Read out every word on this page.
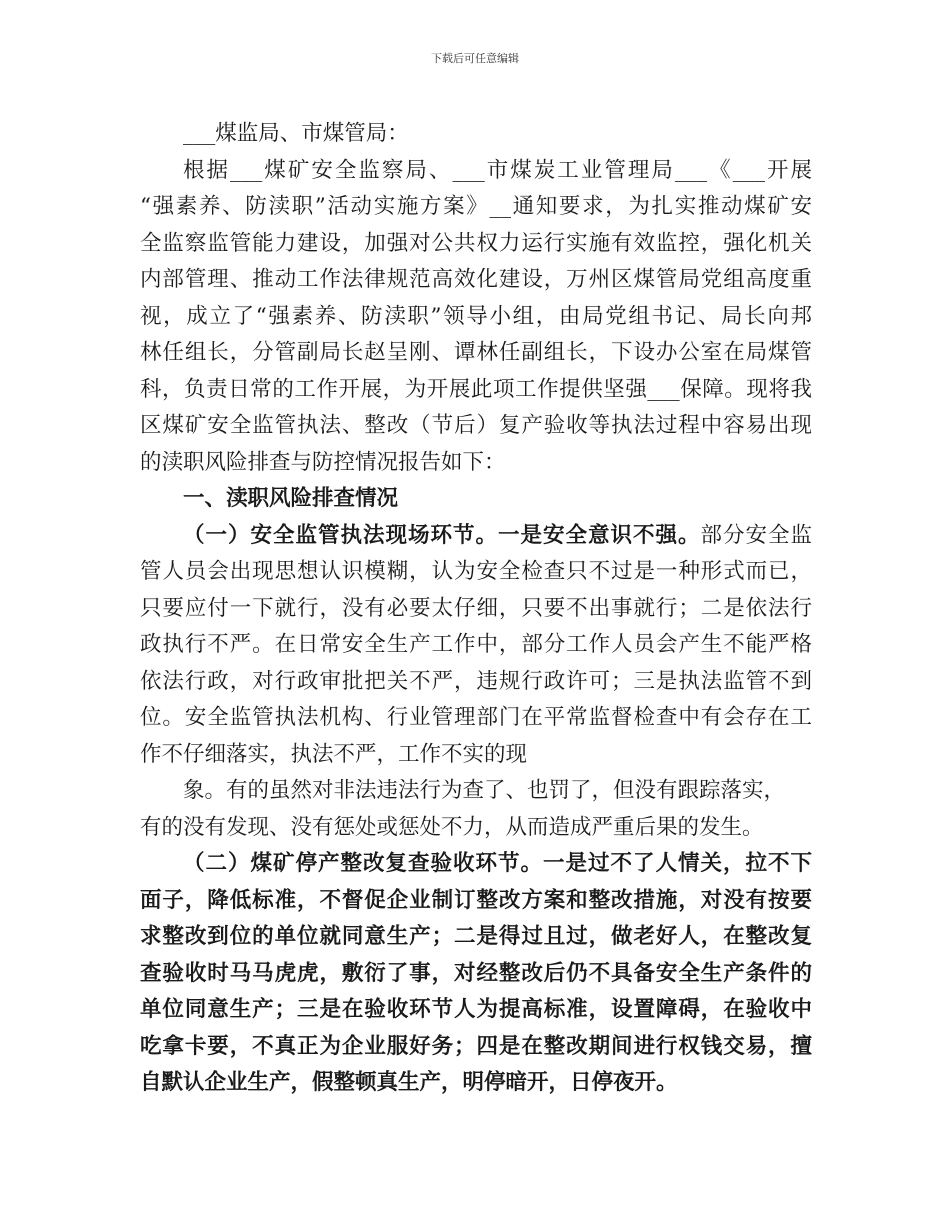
下载后可任意编辑
___煤监局、市煤管局：
根据___煤矿安全监察局、___市煤炭工业管理局___《___开展
“强素养、防渎职”活动实施方案》__通知要求，为扎实推动煤矿安
全监察监管能力建设，加强对公共权力运行实施有效监控，强化机关
内部管理、推动工作法律规范高效化建设，万州区煤管局党组高度重
视，成立了“强素养、防渎职”领导小组，由局党组书记、局长向邦
林任组长，分管副局长赵呈刚、谭林任副组长，下设办公室在局煤管
科，负责日常的工作开展，为开展此项工作提供坚强___保障。现将我
区煤矿安全监管执法、整改（节后）复产验收等执法过程中容易出现
的渎职风险排查与防控情况报告如下：
一、渎职风险排查情况
（一）安全监管执法现场环节。一是安全意识不强。部分安全监
管人员会出现思想认识模糊，认为安全检查只不过是一种形式而已，
只要应付一下就行，没有必要太仔细，只要不出事就行；二是依法行
政执行不严。在日常安全生产工作中，部分工作人员会产生不能严格
依法行政，对行政审批把关不严，违规行政许可；三是执法监管不到
位。安全监管执法机构、行业管理部门在平常监督检查中有会存在工
作不仔细落实，执法不严，工作不实的现
象。有的虽然对非法违法行为查了、也罚了，但没有跟踪落实，
有的没有发现、没有惩处或惩处不力，从而造成严重后果的发生。
（二）煤矿停产整改复查验收环节。一是过不了人情关，拉不下
面子，降低标准，不督促企业制订整改方案和整改措施，对没有按要
求整改到位的单位就同意生产；二是得过且过，做老好人，在整改复
查验收时马马虎虎，敷衍了事，对经整改后仍不具备安全生产条件的
单位同意生产；三是在验收环节人为提高标准，设置障碍，在验收中
吃拿卡要，不真正为企业服好务；四是在整改期间进行权钱交易，擅
自默认企业生产，假整顿真生产，明停暗开，日停夜开。
